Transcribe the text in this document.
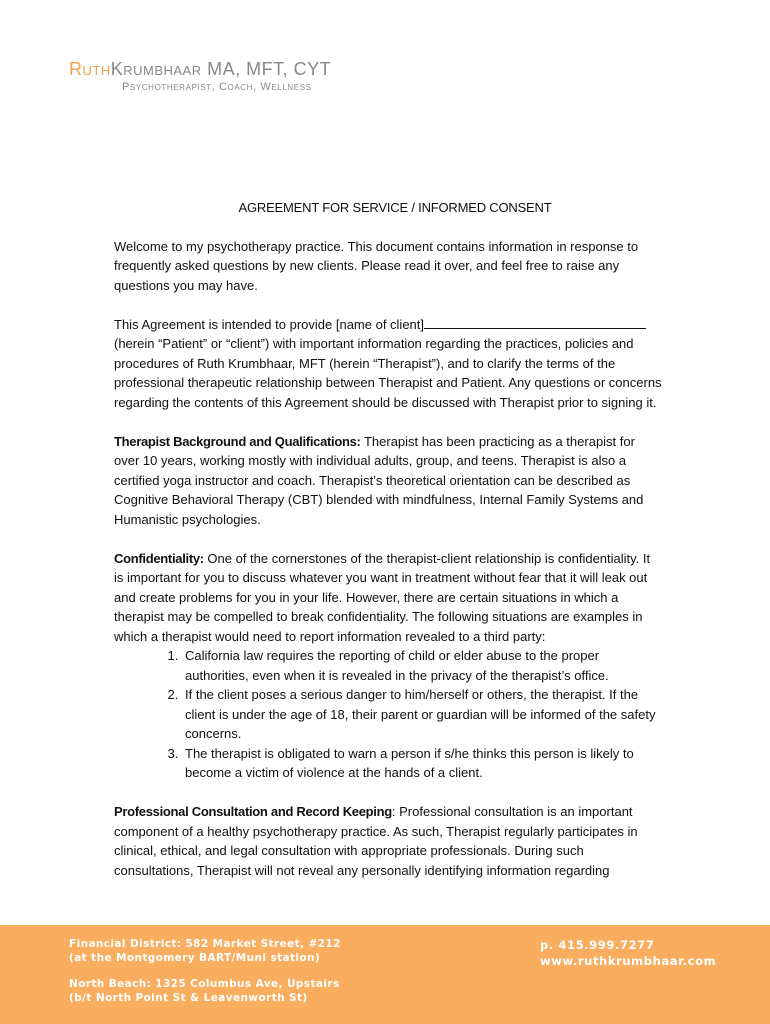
RuthKrumbhaar MA, MFT, CYT
Psychotherapist, Coach, Wellness
AGREEMENT FOR SERVICE / INFORMED CONSENT

Welcome to my psychotherapy practice. This document contains information in response to frequently asked questions by new clients. Please read it over, and feel free to raise any questions you may have.

This Agreement is intended to provide [name of client] (herein “Patient” or “client”) with important information regarding the practices, policies and procedures of Ruth Krumbhaar, MFT (herein “Therapist”), and to clarify the terms of the professional therapeutic relationship between Therapist and Patient. Any questions or concerns regarding the contents of this Agreement should be discussed with Therapist prior to signing it.

Therapist Background and Qualifications: Therapist has been practicing as a therapist for over 10 years, working mostly with individual adults, group, and teens. Therapist is also a certified yoga instructor and coach. Therapist’s theoretical orientation can be described as Cognitive Behavioral Therapy (CBT) blended with mindfulness, Internal Family Systems and Humanistic psychologies.

Confidentiality: One of the cornerstones of the therapist-client relationship is confidentiality. It is important for you to discuss whatever you want in treatment without fear that it will leak out and create problems for you in your life. However, there are certain situations in which a therapist may be compelled to break confidentiality. The following situations are examples in which a therapist would need to report information revealed to a third party:
1. California law requires the reporting of child or elder abuse to the proper authorities, even when it is revealed in the privacy of the therapist’s office.
2. If the client poses a serious danger to him/herself or others, the therapist. If the client is under the age of 18, their parent or guardian will be informed of the safety concerns.
3. The therapist is obligated to warn a person if s/he thinks this person is likely to become a victim of violence at the hands of a client.

Professional Consultation and Record Keeping: Professional consultation is an important component of a healthy psychotherapy practice. As such, Therapist regularly participates in clinical, ethical, and legal consultation with appropriate professionals. During such consultations, Therapist will not reveal any personally identifying information regarding

Financial District: 582 Market Street, #212
(at the Montgomery BART/Muni station)
North Beach: 1325 Columbus Ave, Upstairs
(b/t North Point St & Leavenworth St)
p. 415.999.7277
www.ruthkrumbhaar.com
